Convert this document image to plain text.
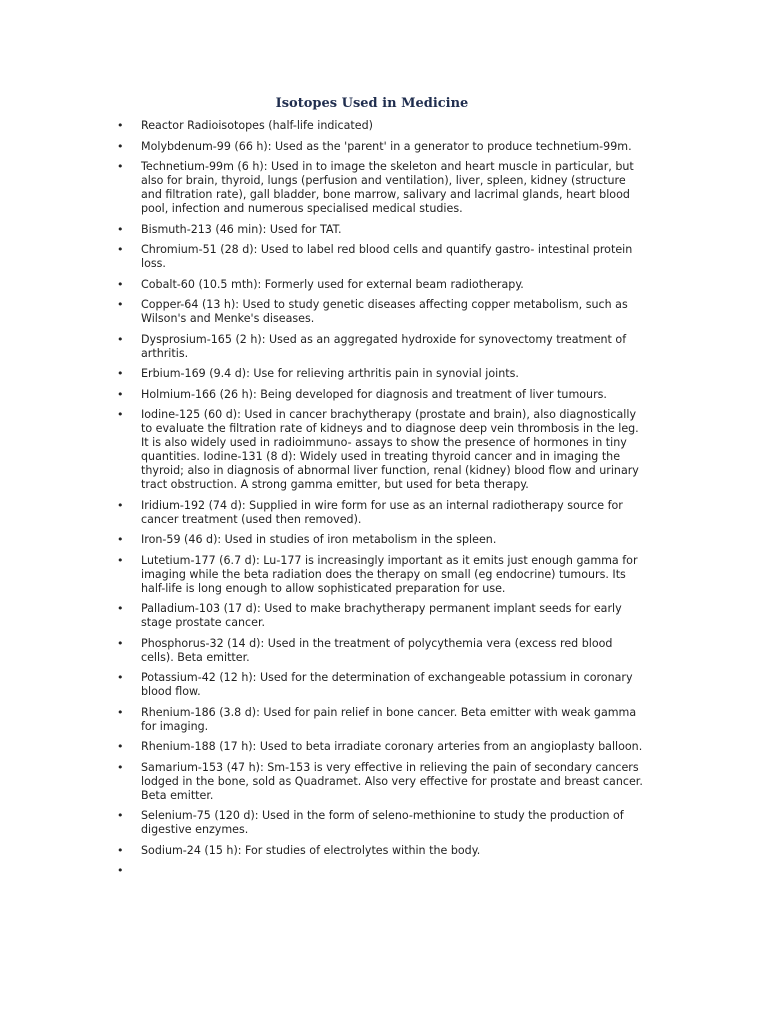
Isotopes Used in Medicine
•	Reactor Radioisotopes (half-life indicated)
•	Molybdenum-99 (66 h): Used as the 'parent' in a generator to produce technetium-99m.
•	Technetium-99m (6 h): Used in to image the skeleton and heart muscle in particular, but also for brain, thyroid, lungs (perfusion and ventilation), liver, spleen, kidney (structure and filtration rate), gall bladder, bone marrow, salivary and lacrimal glands, heart blood pool, infection and numerous specialised medical studies.
•	Bismuth-213 (46 min): Used for TAT.
•	Chromium-51 (28 d): Used to label red blood cells and quantify gastro- intestinal protein loss.
•	Cobalt-60 (10.5 mth): Formerly used for external beam radiotherapy.
•	Copper-64 (13 h): Used to study genetic diseases affecting copper metabolism, such as Wilson's and Menke's diseases.
•	Dysprosium-165 (2 h): Used as an aggregated hydroxide for synovectomy treatment of arthritis.
•	Erbium-169 (9.4 d): Use for relieving arthritis pain in synovial joints.
•	Holmium-166 (26 h): Being developed for diagnosis and treatment of liver tumours.
•	Iodine-125 (60 d): Used in cancer brachytherapy (prostate and brain), also diagnostically to evaluate the filtration rate of kidneys and to diagnose deep vein thrombosis in the leg. It is also widely used in radioimmuno- assays to show the presence of hormones in tiny quantities. Iodine-131 (8 d): Widely used in treating thyroid cancer and in imaging the thyroid; also in diagnosis of abnormal liver function, renal (kidney) blood flow and urinary tract obstruction. A strong gamma emitter, but used for beta therapy.
•	Iridium-192 (74 d): Supplied in wire form for use as an internal radiotherapy source for cancer treatment (used then removed).
•	Iron-59 (46 d): Used in studies of iron metabolism in the spleen.
•	Lutetium-177 (6.7 d): Lu-177 is increasingly important as it emits just enough gamma for imaging while the beta radiation does the therapy on small (eg endocrine) tumours. Its half-life is long enough to allow sophisticated preparation for use.
•	Palladium-103 (17 d): Used to make brachytherapy permanent implant seeds for early stage prostate cancer.
•	Phosphorus-32 (14 d): Used in the treatment of polycythemia vera (excess red blood cells). Beta emitter.
•	Potassium-42 (12 h): Used for the determination of exchangeable potassium in coronary blood flow.
•	Rhenium-186 (3.8 d): Used for pain relief in bone cancer. Beta emitter with weak gamma for imaging.
•	Rhenium-188 (17 h): Used to beta irradiate coronary arteries from an angioplasty balloon.
•	Samarium-153 (47 h): Sm-153 is very effective in relieving the pain of secondary cancers lodged in the bone, sold as Quadramet. Also very effective for prostate and breast cancer. Beta emitter.
•	Selenium-75 (120 d): Used in the form of seleno-methionine to study the production of digestive enzymes.
•	Sodium-24 (15 h): For studies of electrolytes within the body.
•
